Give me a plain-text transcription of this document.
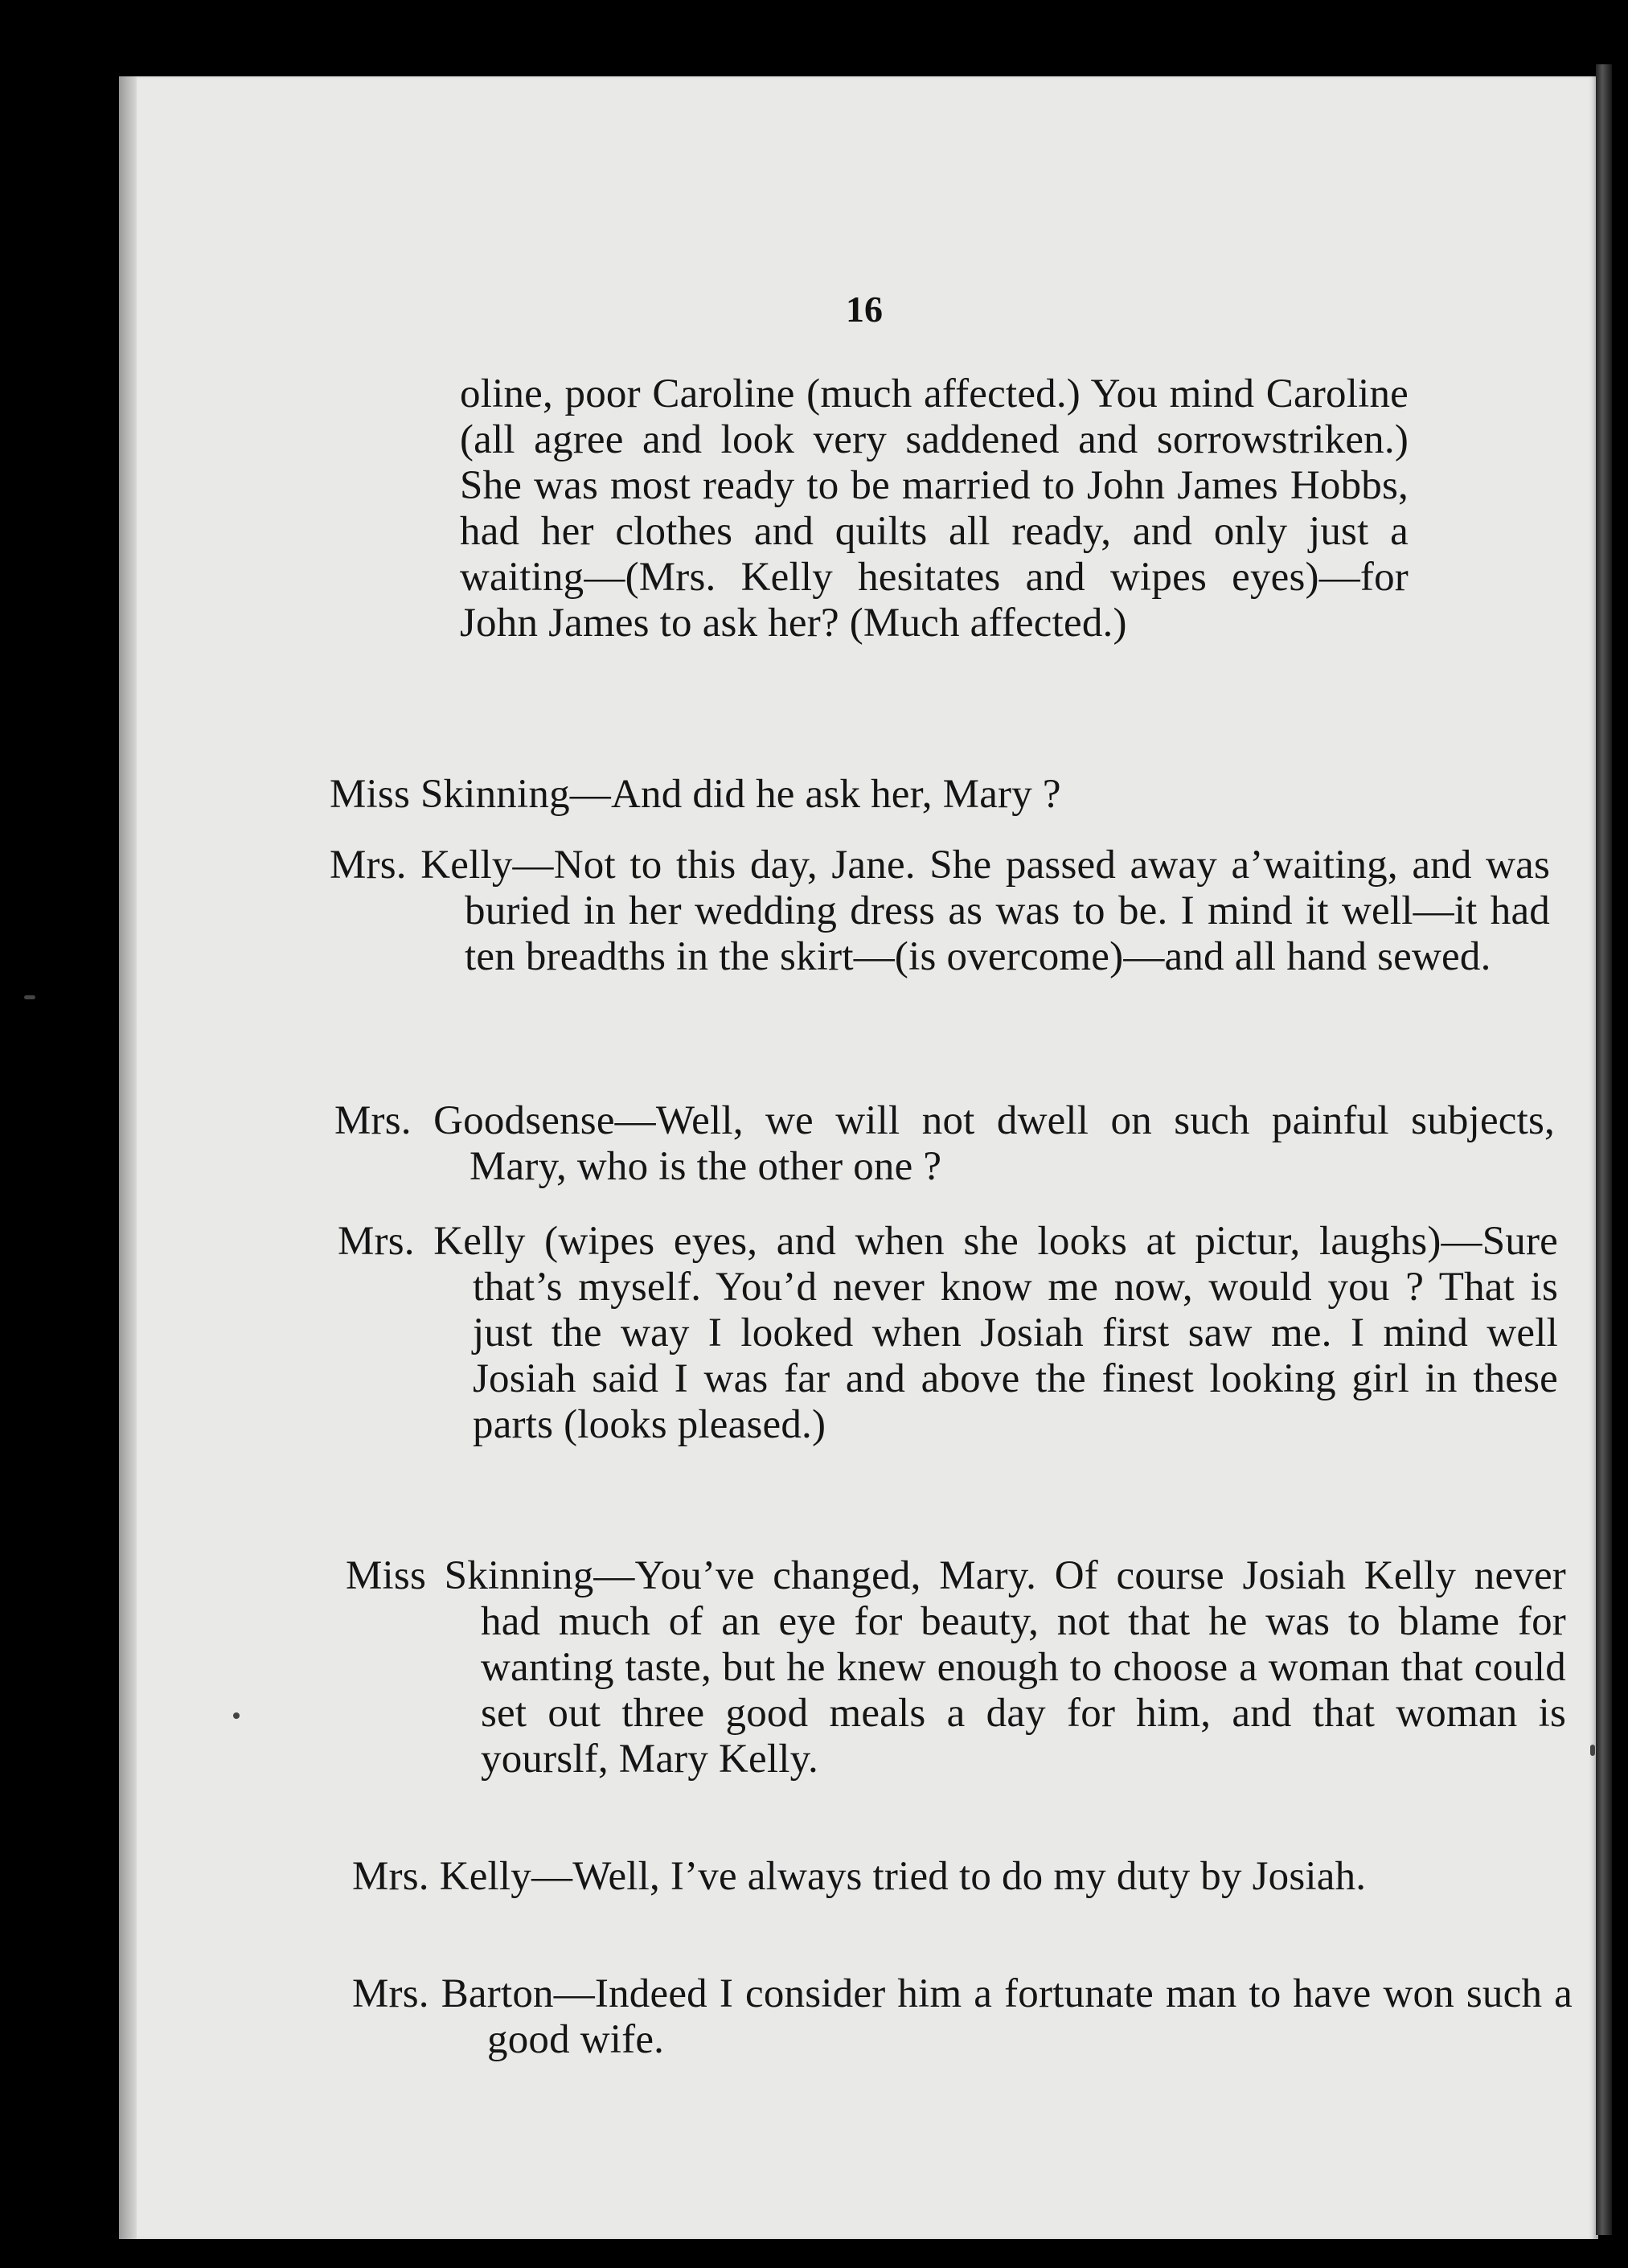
16
oline, poor Caroline (much affected.) You mind Caroline (all agree and look very saddened and sorrowstriken.) She was most ready to be married to John James Hobbs, had her clothes and quilts all ready, and only just a waiting—(Mrs. Kelly hesitates and wipes eyes)—for John James to ask her? (Much affected.)
Miss Skinning—And did he ask her, Mary ?
Mrs. Kelly—Not to this day, Jane. She passed away a’waiting, and was buried in her wedding dress as was to be. I mind it well—it had ten breadths in the skirt—(is overcome)—and all hand sewed.
Mrs. Goodsense—Well, we will not dwell on such painful subjects, Mary, who is the other one ?
Mrs. Kelly (wipes eyes, and when she looks at pictur, laughs)—Sure that’s myself. You’d never know me now, would you ? That is just the way I looked when Josiah first saw me. I mind well Josiah said I was far and above the finest looking girl in these parts (looks pleased.)
Miss Skinning—You’ve changed, Mary. Of course Josiah Kelly never had much of an eye for beauty, not that he was to blame for wanting taste, but he knew enough to choose a woman that could set out three good meals a day for him, and that woman is yourslf, Mary Kelly.
Mrs. Kelly—Well, I’ve always tried to do my duty by Josiah.
Mrs. Barton—Indeed I consider him a fortunate man to have won such a good wife.
